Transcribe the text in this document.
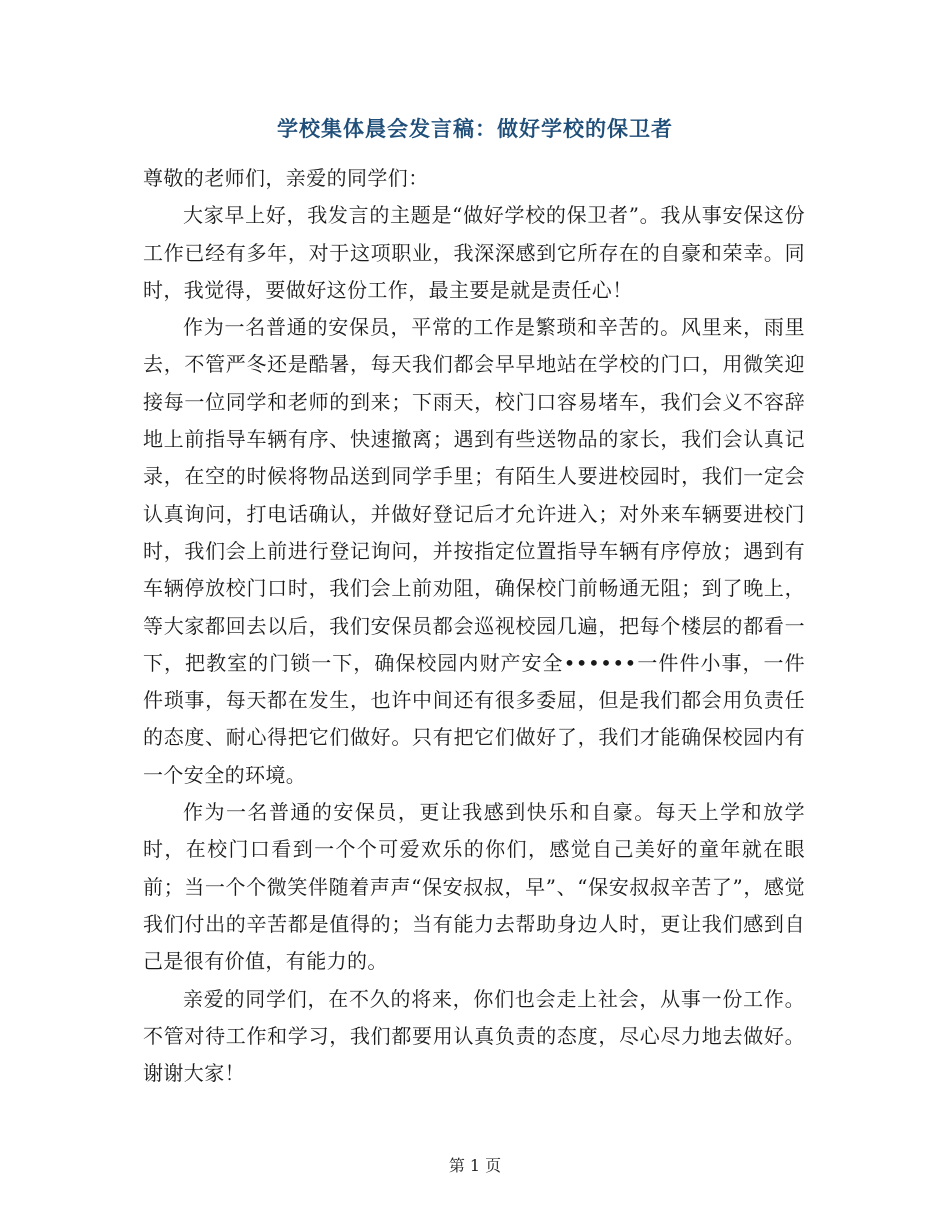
学校集体晨会发言稿：做好学校的保卫者

尊敬的老师们，亲爱的同学们：

大家早上好，我发言的主题是“做好学校的保卫者”。我从事安保这份工作已经有多年，对于这项职业，我深深感到它所存在的自豪和荣幸。同时，我觉得，要做好这份工作，最主要是就是责任心！

作为一名普通的安保员，平常的工作是繁琐和辛苦的。风里来，雨里去，不管严冬还是酷暑，每天我们都会早早地站在学校的门口，用微笑迎接每一位同学和老师的到来；下雨天，校门口容易堵车，我们会义不容辞地上前指导车辆有序、快速撤离；遇到有些送物品的家长，我们会认真记录，在空的时候将物品送到同学手里；有陌生人要进校园时，我们一定会认真询问，打电话确认，并做好登记后才允许进入；对外来车辆要进校门时，我们会上前进行登记询问，并按指定位置指导车辆有序停放；遇到有车辆停放校门口时，我们会上前劝阻，确保校门前畅通无阻；到了晚上，等大家都回去以后，我们安保员都会巡视校园几遍，把每个楼层的都看一下，把教室的门锁一下，确保校园内财产安全••••••一件件小事，一件件琐事，每天都在发生，也许中间还有很多委屈，但是我们都会用负责任的态度、耐心得把它们做好。只有把它们做好了，我们才能确保校园内有一个安全的环境。

作为一名普通的安保员，更让我感到快乐和自豪。每天上学和放学时，在校门口看到一个个可爱欢乐的你们，感觉自己美好的童年就在眼前；当一个个微笑伴随着声声“保安叔叔，早”、“保安叔叔辛苦了”，感觉我们付出的辛苦都是值得的；当有能力去帮助身边人时，更让我们感到自己是很有价值，有能力的。

亲爱的同学们，在不久的将来，你们也会走上社会，从事一份工作。不管对待工作和学习，我们都要用认真负责的态度，尽心尽力地去做好。谢谢大家！

第 1 页
